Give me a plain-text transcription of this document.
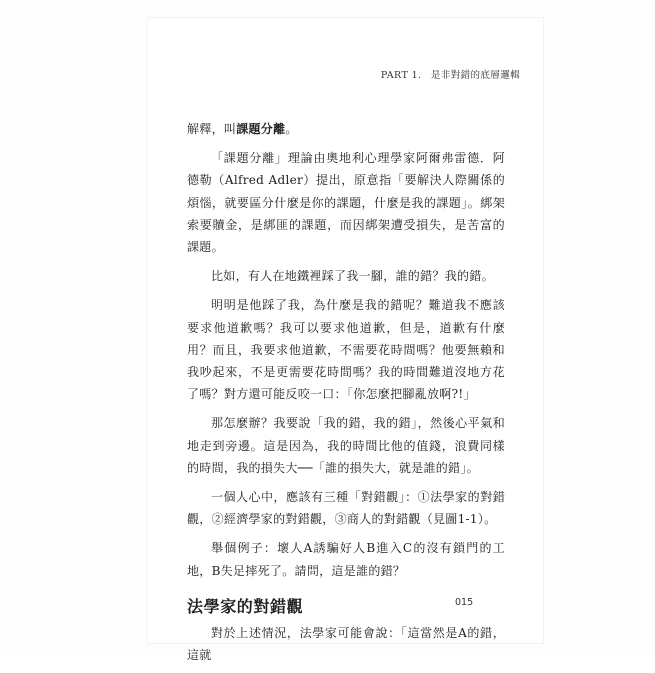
PART 1. 是非對錯的底層邏輯

解釋，叫課題分離。

「課題分離」理論由奧地利心理學家阿爾弗雷德．阿德勒（Alfred Adler）提出，原意指「要解決人際關係的煩惱，就要區分什麼是你的課題，什麼是我的課題」。綁架索要贖金，是綁匪的課題，而因綁架遭受損失，是苦富的課題。

比如，有人在地鐵裡踩了我一腳，誰的錯？我的錯。

明明是他踩了我，為什麼是我的錯呢？難道我不應該要求他道歉嗎？我可以要求他道歉，但是，道歉有什麼用？而且，我要求他道歉，不需要花時間嗎？他要無賴和我吵起來，不是更需要花時間嗎？我的時間難道沒地方花了嗎？對方還可能反咬一口：「你怎麼把腳亂放啊?!」

那怎麼辦？我要說「我的錯，我的錯」，然後心平氣和地走到旁邊。這是因為，我的時間比他的值錢，浪費同樣的時間，我的損失大──「誰的損失大，就是誰的錯」。

一個人心中，應該有三種「對錯觀」：①法學家的對錯觀，②經濟學家的對錯觀，③商人的對錯觀（見圖1-1）。

舉個例子：壞人A誘騙好人B進入C的沒有鎖門的工地，B失足摔死了。請問，這是誰的錯？

法學家的對錯觀

對於上述情況，法學家可能會說：「這當然是A的錯，這就

015
